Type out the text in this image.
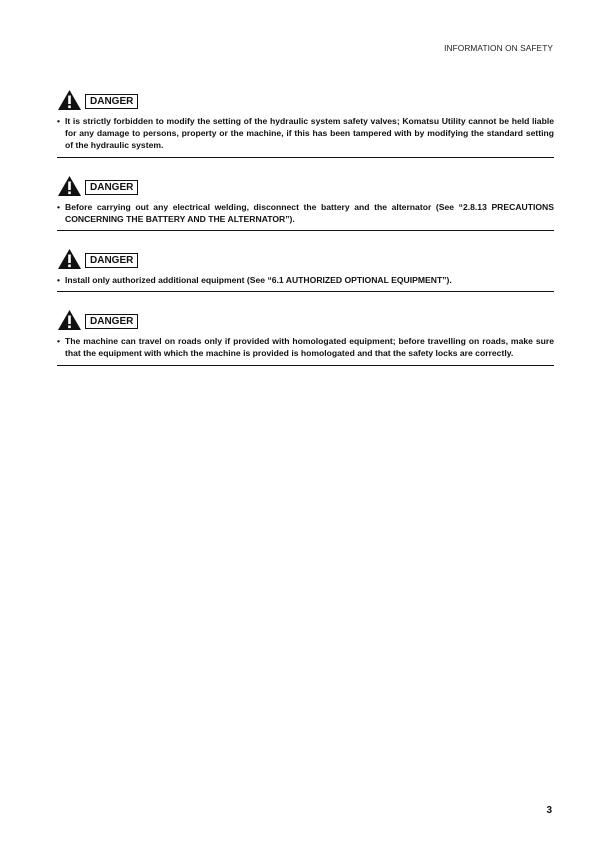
INFORMATION ON SAFETY
DANGER
• It is strictly forbidden to modify the setting of the hydraulic system safety valves; Komatsu Utility cannot be held liable for any damage to persons, property or the machine, if this has been tampered with by modifying the standard setting of the hydraulic system.
DANGER
• Before carrying out any electrical welding, disconnect the battery and the alternator (See “2.8.13 PRECAUTIONS CONCERNING THE BATTERY AND THE ALTERNATOR”).
DANGER
• Install only authorized additional equipment (See “6.1 AUTHORIZED OPTIONAL EQUIPMENT”).
DANGER
• The machine can travel on roads only if provided with homologated equipment; before travelling on roads, make sure that the equipment with which the machine is provided is homologated and that the safety locks are correctly.
3
